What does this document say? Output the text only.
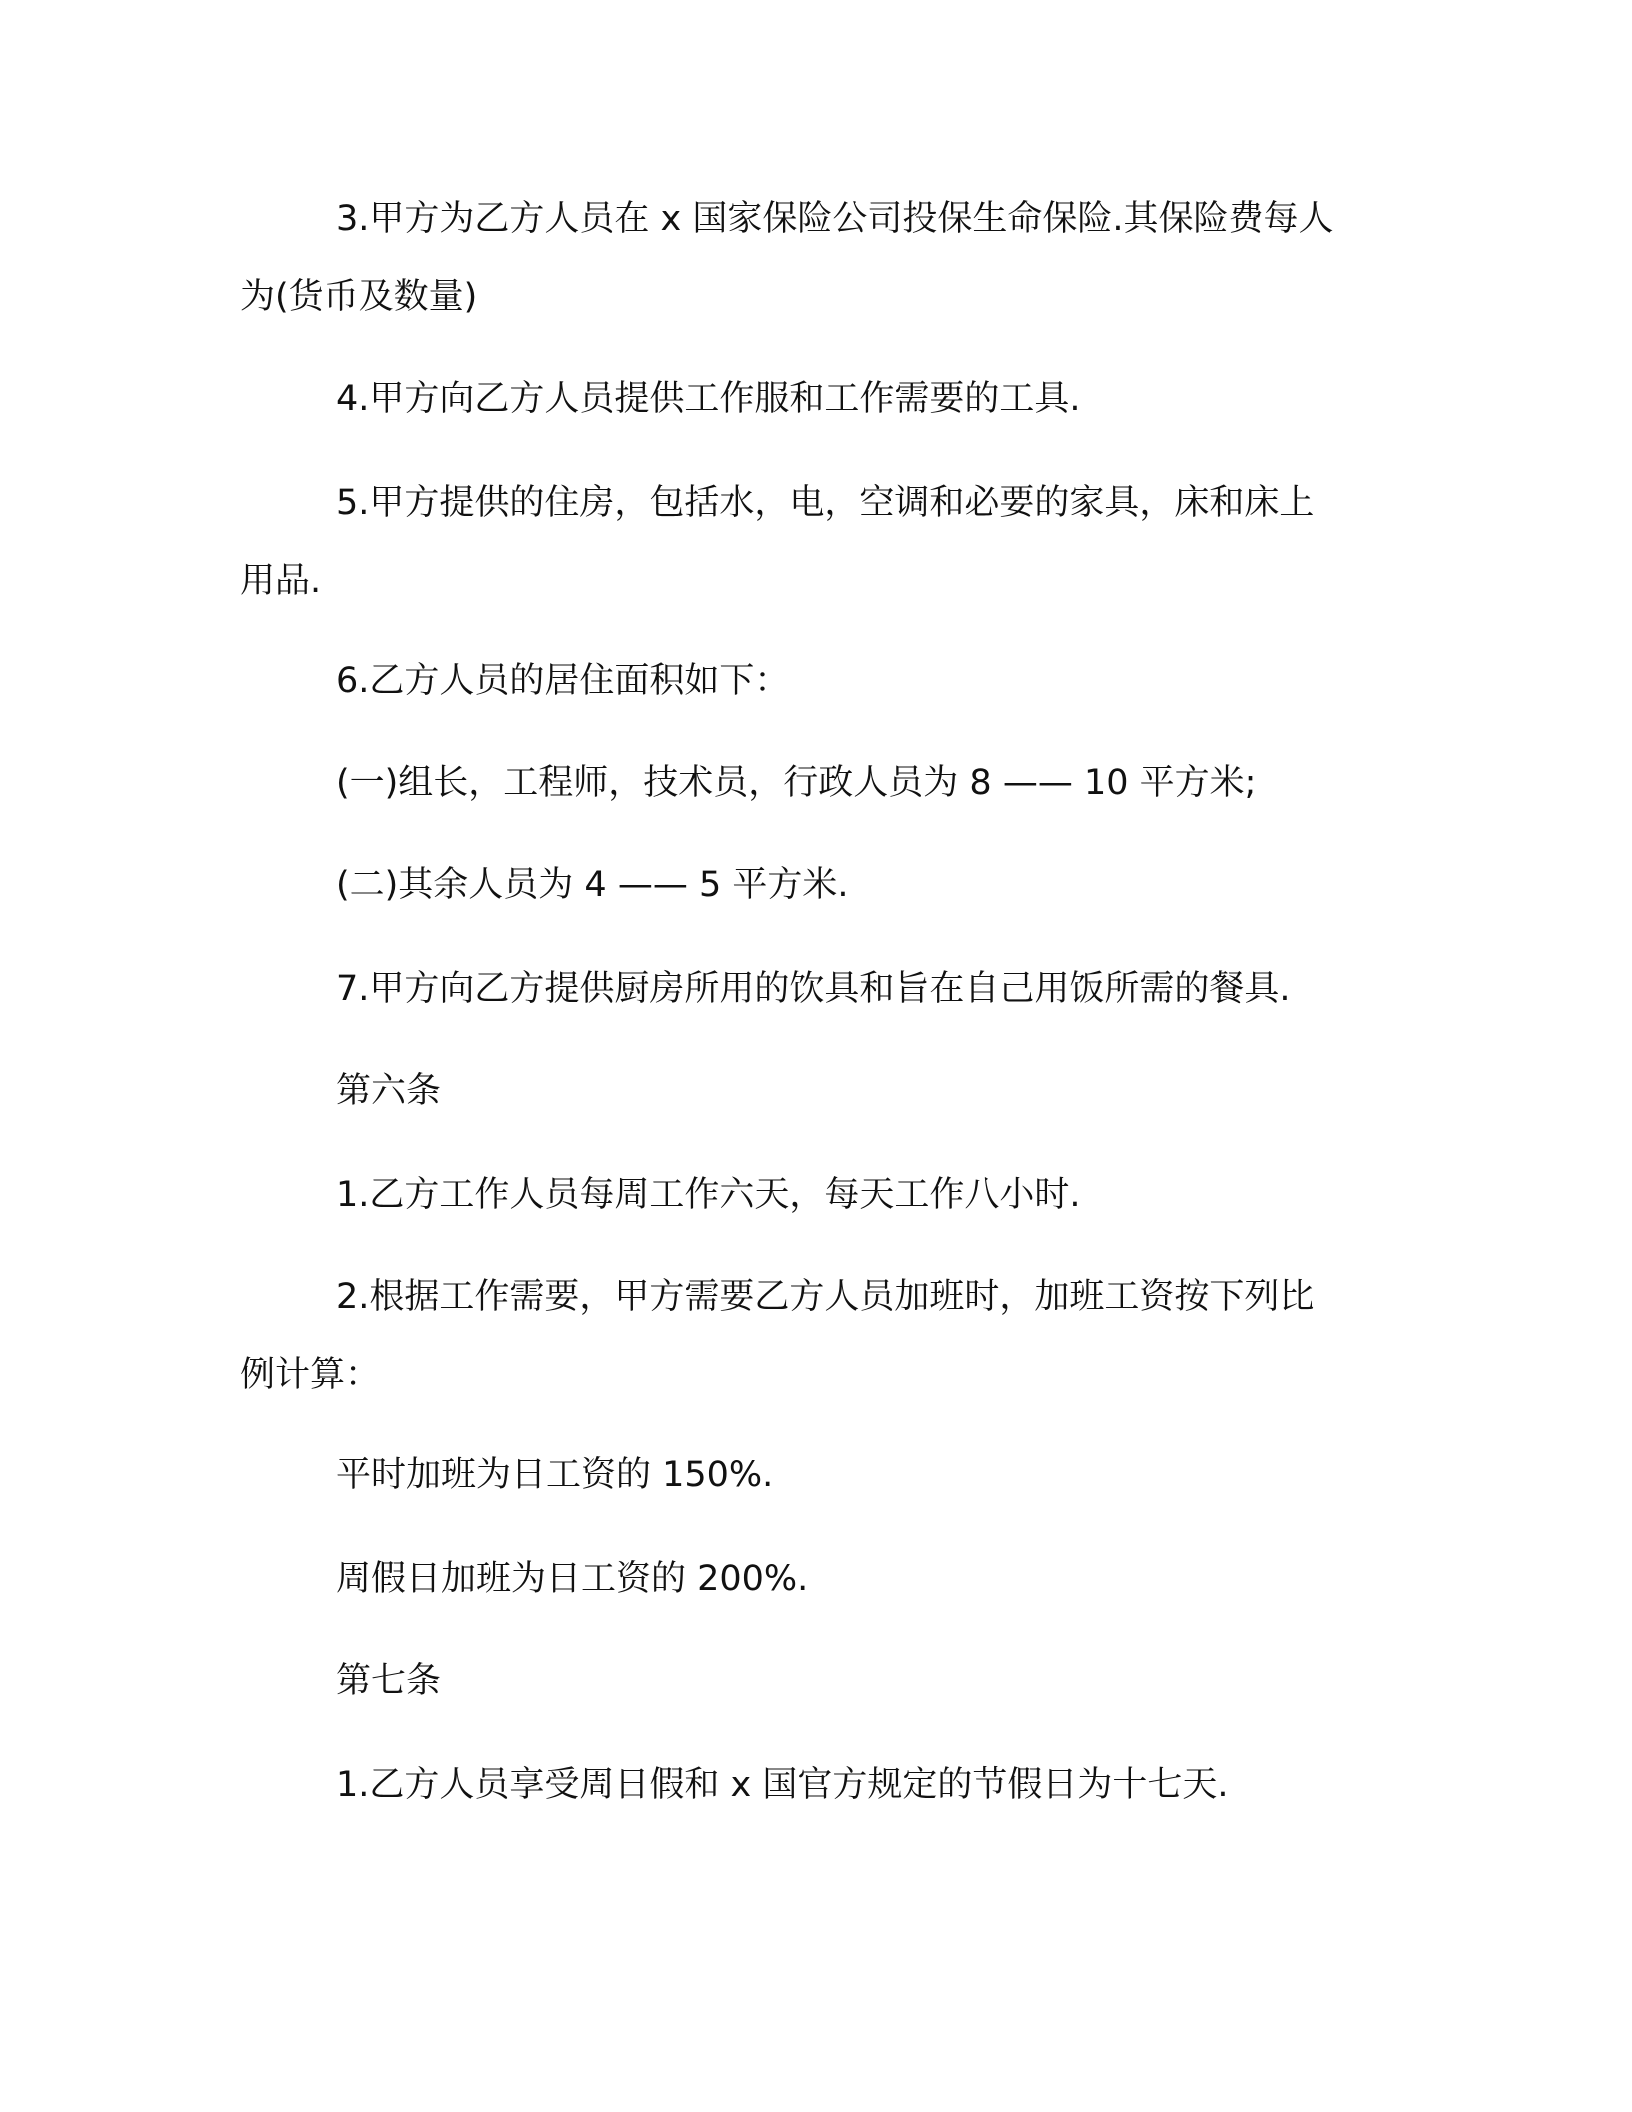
3.甲方为乙方人员在 x 国家保险公司投保生命保险.其保险费每人
为(货币及数量)
4.甲方向乙方人员提供工作服和工作需要的工具.
5.甲方提供的住房，包括水，电，空调和必要的家具，床和床上
用品.
6.乙方人员的居住面积如下：
(一)组长，工程师，技术员，行政人员为 8 —— 10 平方米;
(二)其余人员为 4 —— 5 平方米.
7.甲方向乙方提供厨房所用的饮具和旨在自己用饭所需的餐具.
第六条
1.乙方工作人员每周工作六天，每天工作八小时.
2.根据工作需要，甲方需要乙方人员加班时，加班工资按下列比
例计算：
平时加班为日工资的 150%.
周假日加班为日工资的 200%.
第七条
1.乙方人员享受周日假和 x 国官方规定的节假日为十七天.
